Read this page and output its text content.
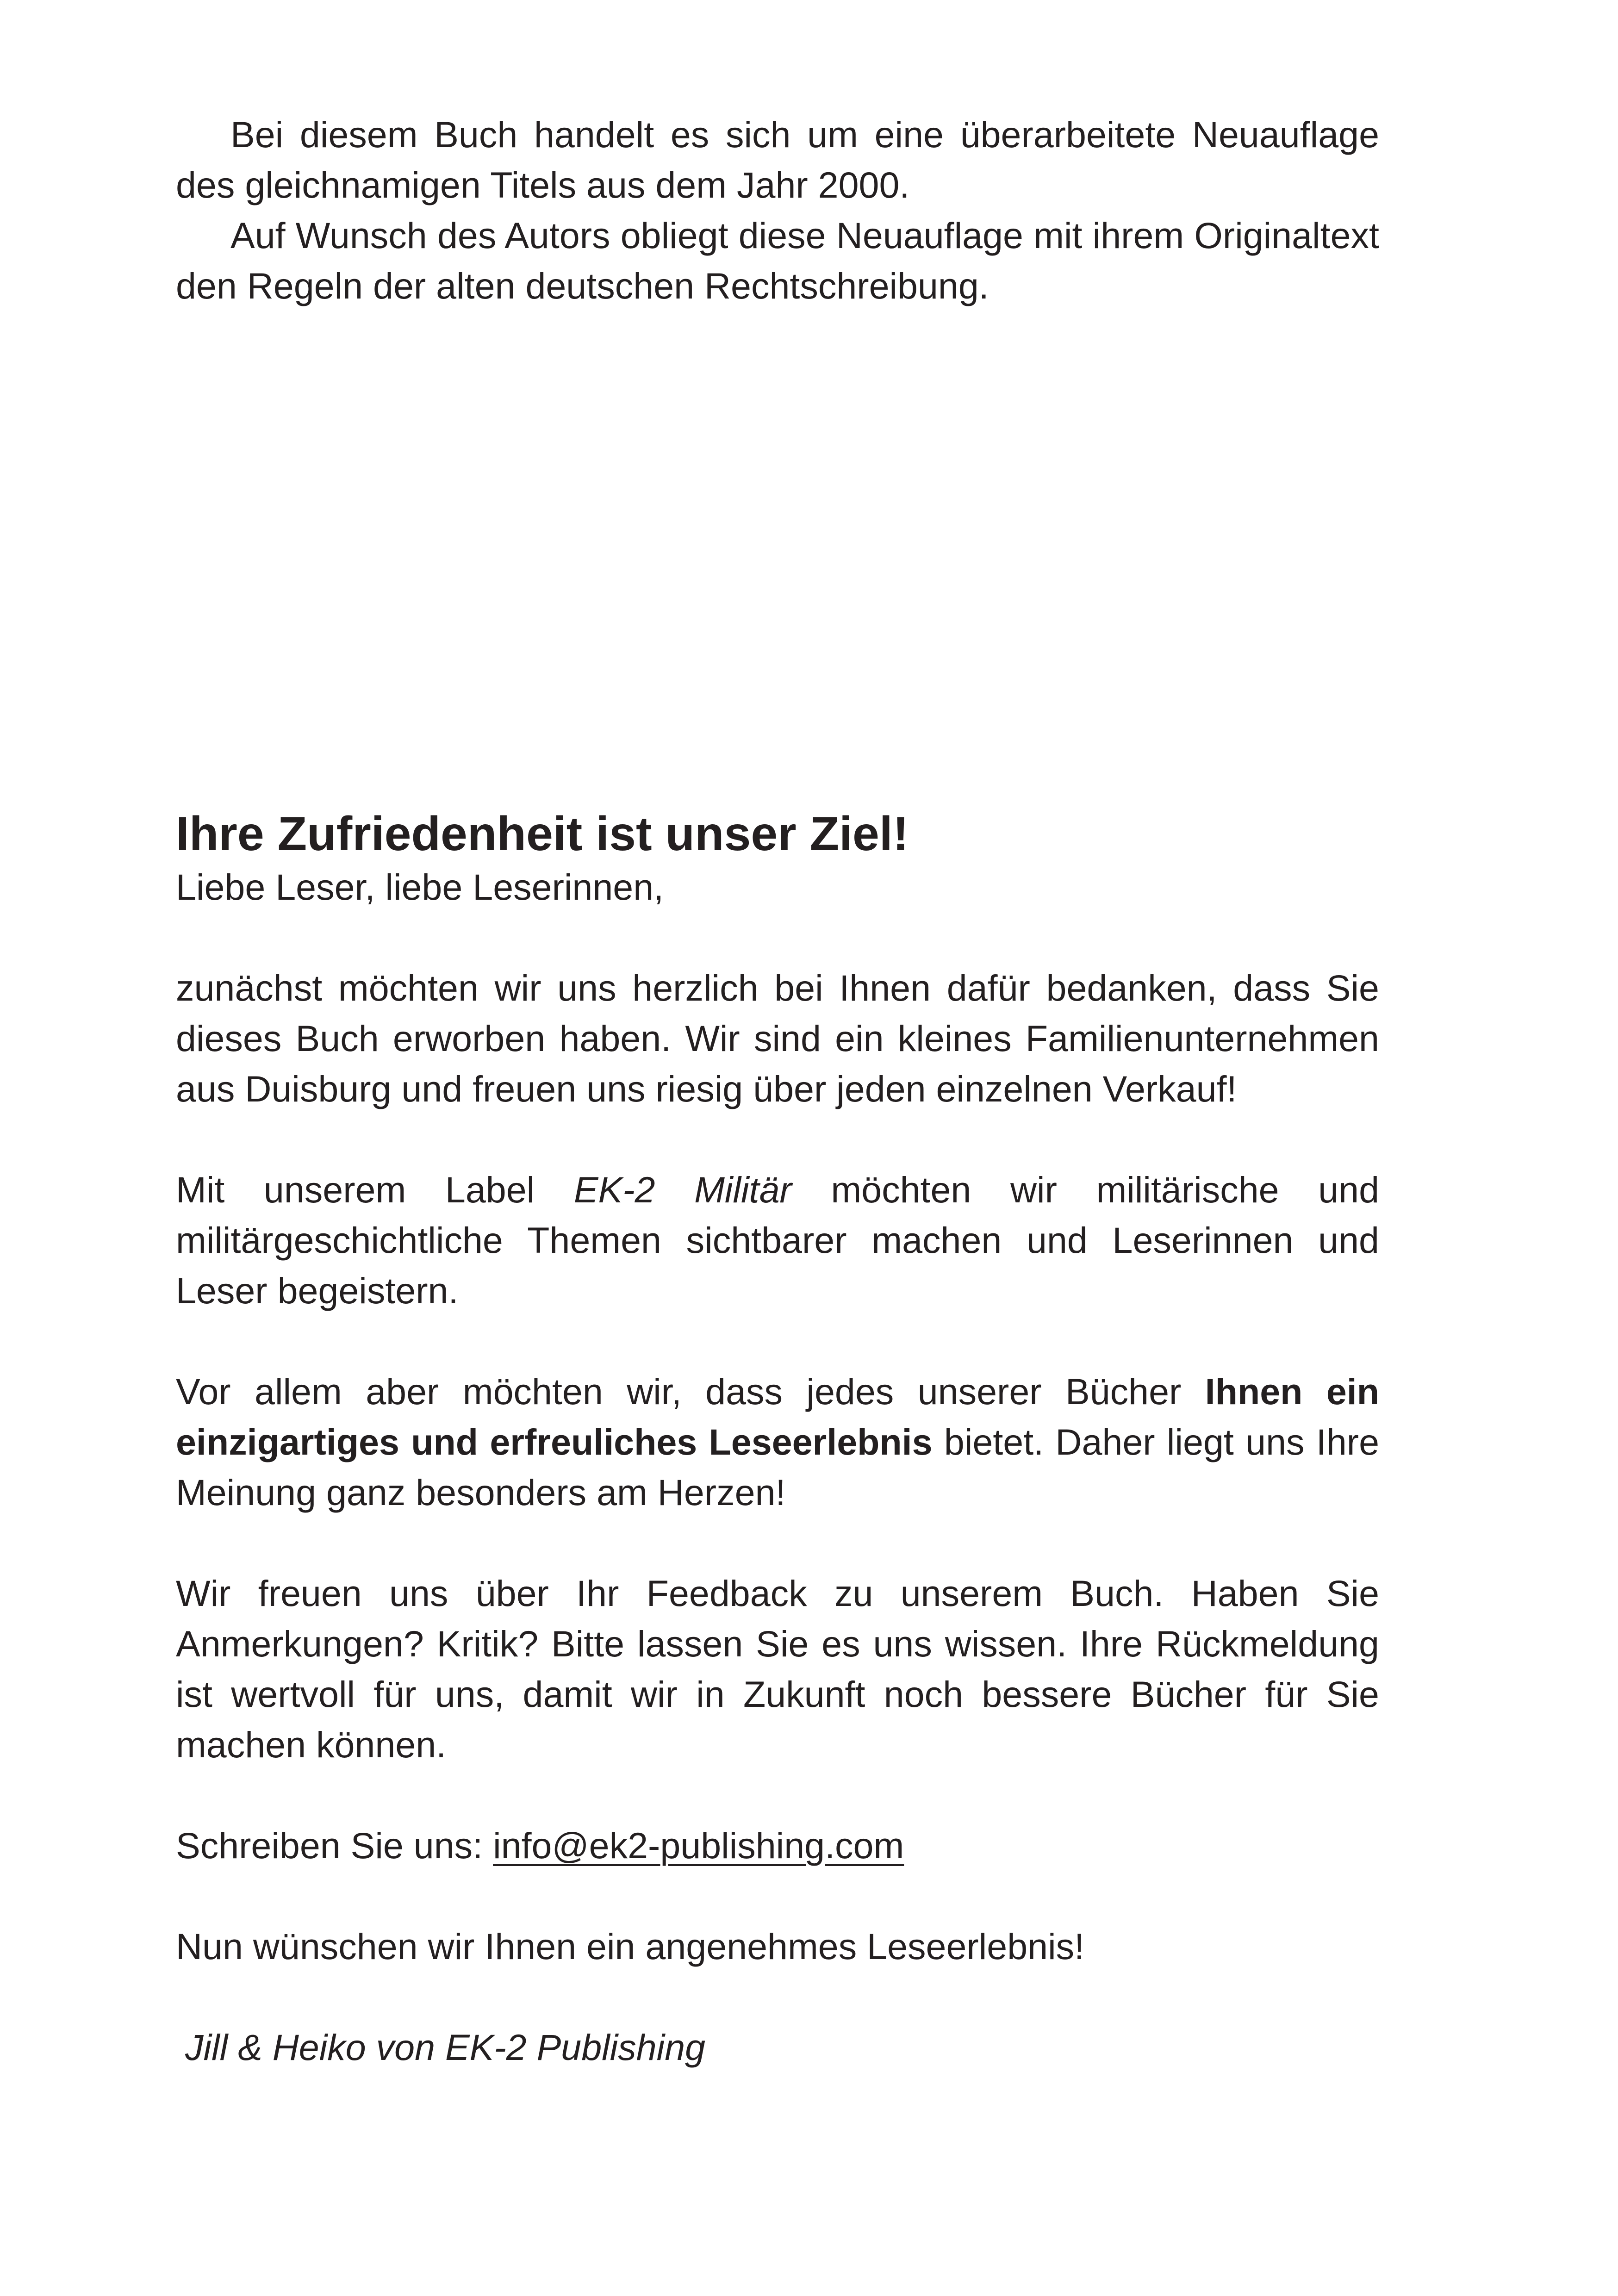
Bei diesem Buch handelt es sich um eine überarbeitete Neuauflage des gleichnamigen Titels aus dem Jahr 2000.

Auf Wunsch des Autors obliegt diese Neuauflage mit ihrem Originaltext den Regeln der alten deutschen Rechtschreibung.

Ihre Zufriedenheit ist unser Ziel!

Liebe Leser, liebe Leserinnen,

zunächst möchten wir uns herzlich bei Ihnen dafür bedanken, dass Sie dieses Buch erworben haben. Wir sind ein kleines Familienunternehmen aus Duisburg und freuen uns riesig über jeden einzelnen Verkauf!

Mit unserem Label EK-2 Militär möchten wir militärische und militärgeschichtliche Themen sichtbarer machen und Leserinnen und Leser begeistern.

Vor allem aber möchten wir, dass jedes unserer Bücher Ihnen ein einzigartiges und erfreuliches Leseerlebnis bietet. Daher liegt uns Ihre Meinung ganz besonders am Herzen!

Wir freuen uns über Ihr Feedback zu unserem Buch. Haben Sie Anmerkungen? Kritik? Bitte lassen Sie es uns wissen. Ihre Rückmeldung ist wertvoll für uns, damit wir in Zukunft noch bessere Bücher für Sie machen können.

Schreiben Sie uns: info@ek2-publishing.com

Nun wünschen wir Ihnen ein angenehmes Leseerlebnis!

Jill & Heiko von EK-2 Publishing
